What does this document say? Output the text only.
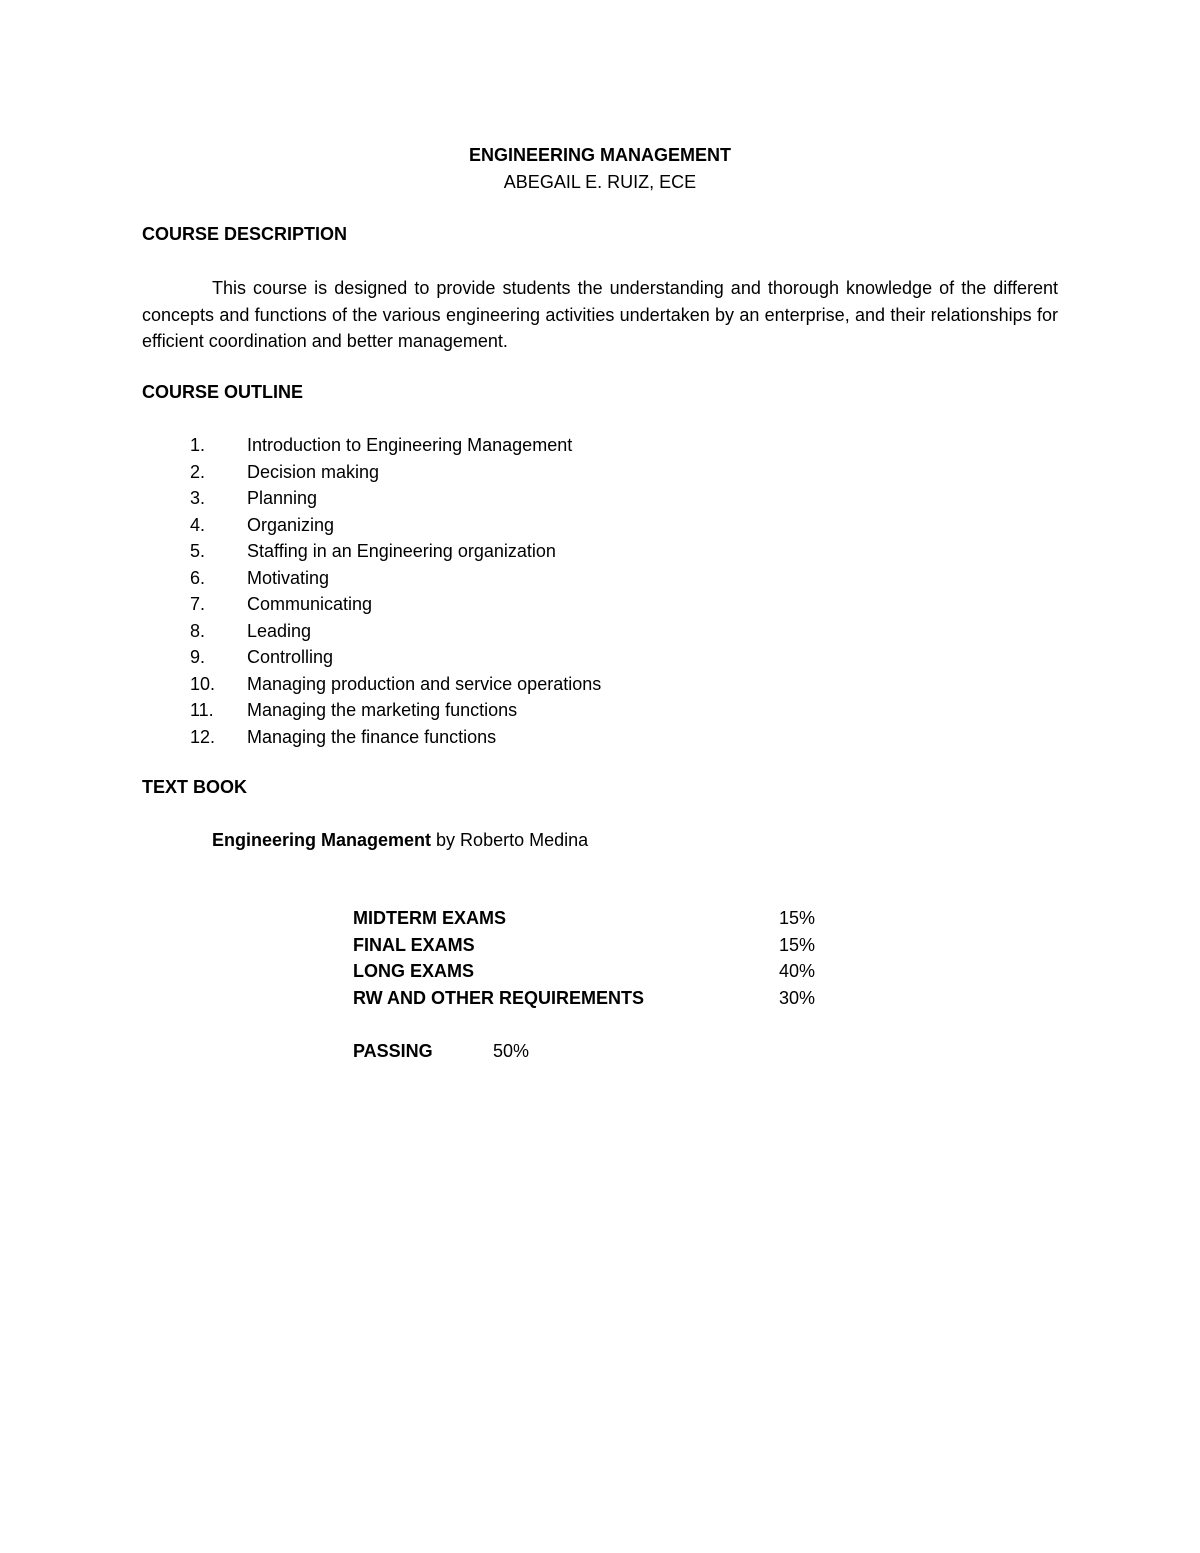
ENGINEERING MANAGEMENT
ABEGAIL E. RUIZ, ECE
COURSE DESCRIPTION

This course is designed to provide students the understanding and thorough knowledge of the different concepts and functions of the various engineering activities undertaken by an enterprise, and their relationships for efficient coordination and better management.

COURSE OUTLINE
1. Introduction to Engineering Management
2. Decision making
3. Planning
4. Organizing
5. Staffing in an Engineering organization
6. Motivating
7. Communicating
8. Leading
9. Controlling
10. Managing production and service operations
11. Managing the marketing functions
12. Managing the finance functions
TEXT BOOK
Engineering Management by Roberto Medina
MIDTERM EXAMS	15%
FINAL EXAMS	15%
LONG EXAMS	40%
RW AND OTHER REQUIREMENTS	30%
PASSING	50%
